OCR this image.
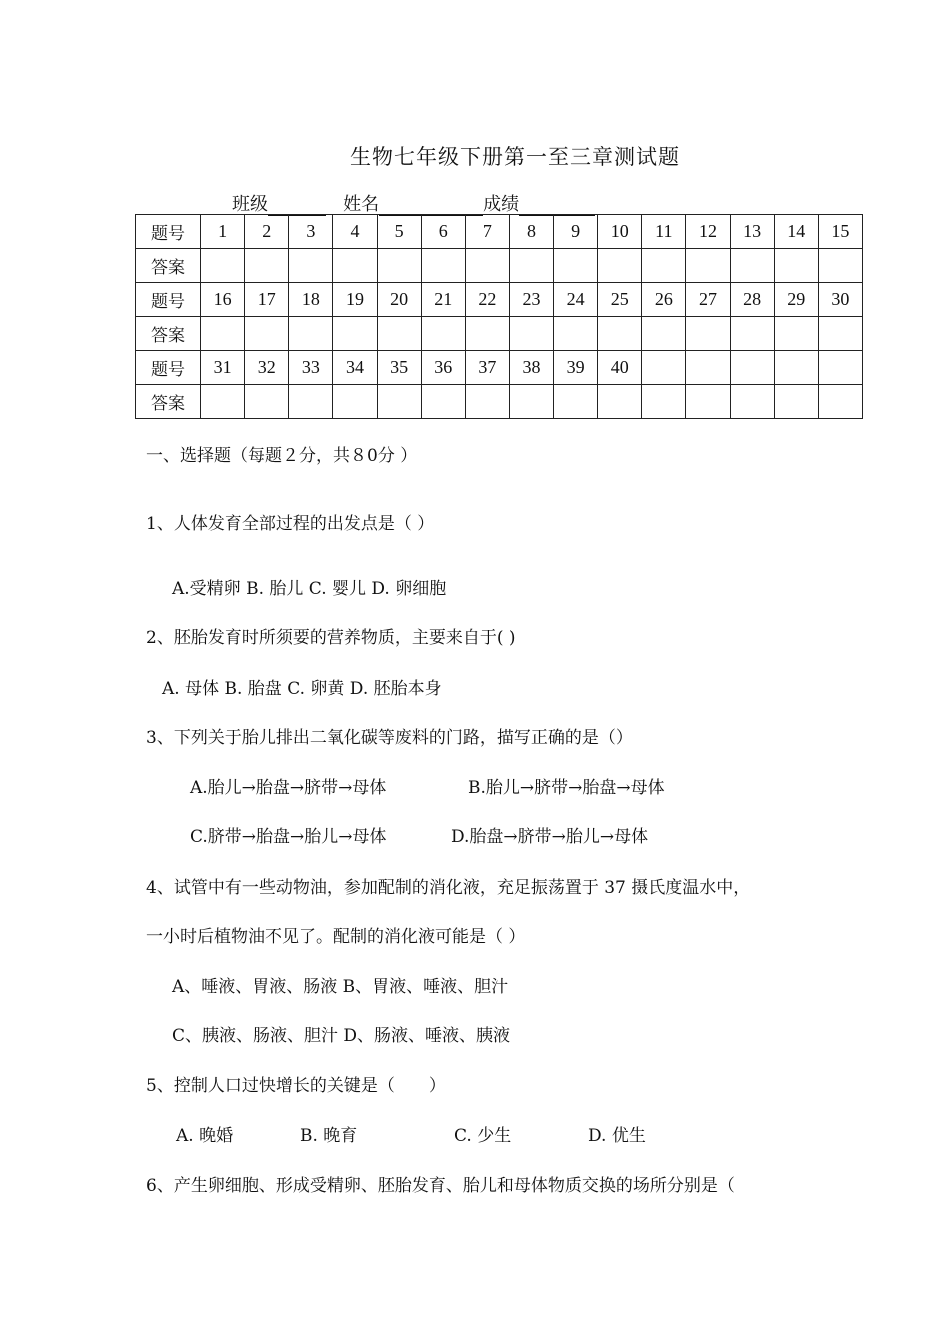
生物七年级下册第一至三章测试题
班级	姓名	成绩
题号	1	2	3	4	5	6	7	8	9	10	11	12	13	14	15
答案															
题号	16	17	18	19	20	21	22	23	24	25	26	27	28	29	30
答案															
题号	31	32	33	34	35	36	37	38	39	40					
答案															
一、选择题（每题２分，共８0分 ）
1、人体发育全部过程的出发点是（ ）
A.受精卵 B. 胎儿 C. 婴儿 D. 卵细胞
2、胚胎发育时所须要的营养物质，主要来自于( )
A. 母体 B. 胎盘 C. 卵黄 D. 胚胎本身
3、下列关于胎儿排出二氧化碳等废料的门路，描写正确的是（）
A.胎儿→胎盘→脐带→母体	B.胎儿→脐带→胎盘→母体
C.脐带→胎盘→胎儿→母体	D.胎盘→脐带→胎儿→母体
4、试管中有一些动物油，参加配制的消化液，充足振荡置于 37 摄氏度温水中，
一小时后植物油不见了。配制的消化液可能是（ ）
A、唾液、胃液、肠液 B、胃液、唾液、胆汁
C、胰液、肠液、胆汁 D、肠液、唾液、胰液
5、控制人口过快增长的关键是（　　）
A. 晚婚	B. 晚育	C. 少生	D. 优生
6、产生卵细胞、形成受精卵、胚胎发育、胎儿和母体物质交换的场所分别是（
